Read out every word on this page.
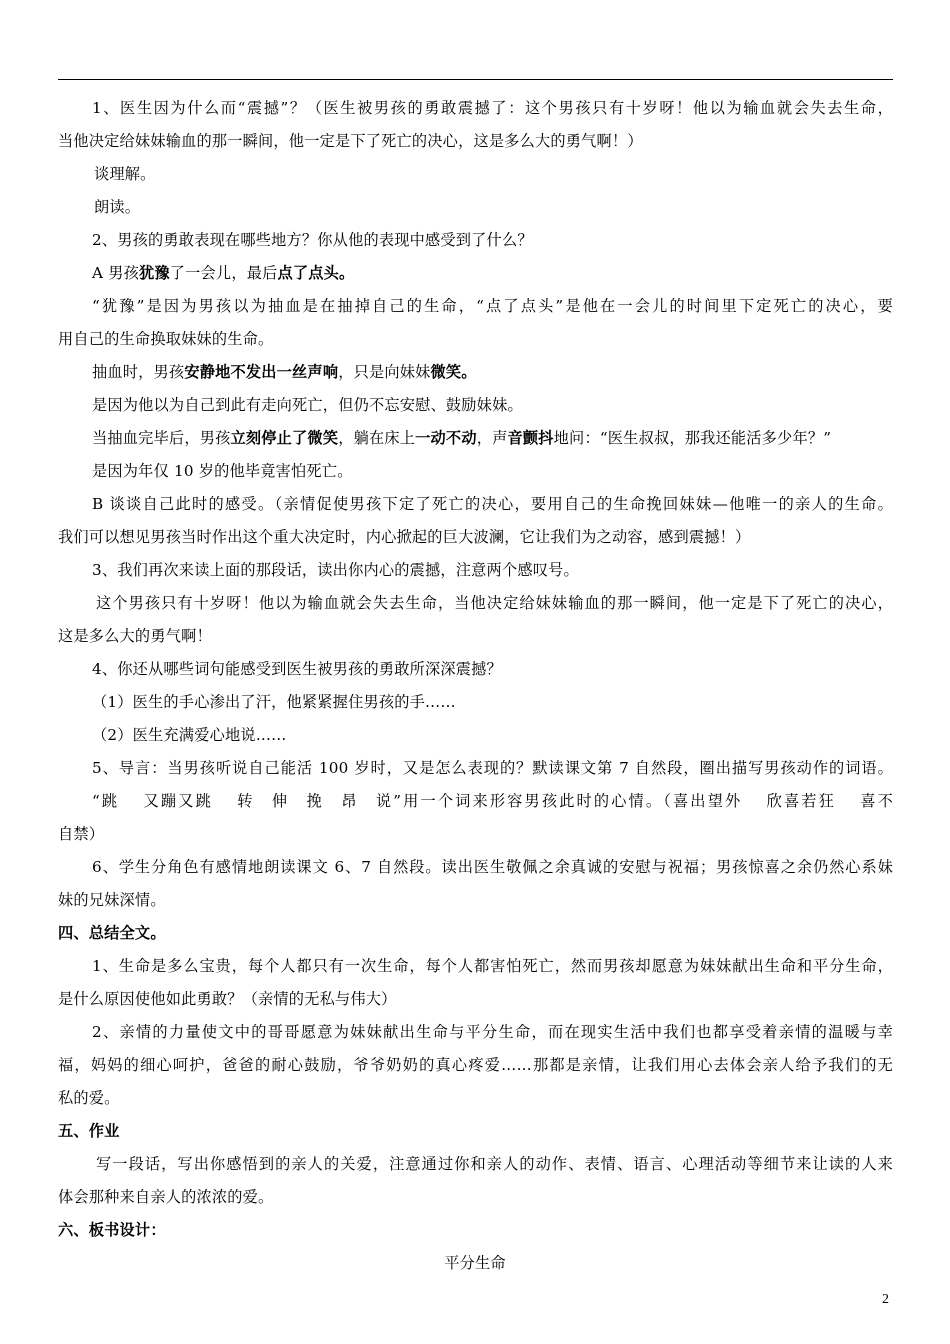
1、医生因为什么而“震撼”？（医生被男孩的勇敢震撼了：这个男孩只有十岁呀！他以为输血就会失去生命，
当他决定给妹妹输血的那一瞬间，他一定是下了死亡的决心，这是多么大的勇气啊！）
谈理解。
朗读。
2、男孩的勇敢表现在哪些地方？你从他的表现中感受到了什么？
A 男孩犹豫了一会儿，最后点了点头。
“犹豫”是因为男孩以为抽血是在抽掉自己的生命，“点了点头”是他在一会儿的时间里下定死亡的决心，要
用自己的生命换取妹妹的生命。
抽血时，男孩安静地不发出一丝声响，只是向妹妹微笑。
是因为他以为自己到此有走向死亡，但仍不忘安慰、鼓励妹妹。
当抽血完毕后，男孩立刻停止了微笑，躺在床上一动不动，声音颤抖地问：“医生叔叔，那我还能活多少年？”
是因为年仅 10 岁的他毕竟害怕死亡。
B 谈谈自己此时的感受。（亲情促使男孩下定了死亡的决心，要用自己的生命挽回妹妹—他唯一的亲人的生命。
我们可以想见男孩当时作出这个重大决定时，内心掀起的巨大波澜，它让我们为之动容，感到震撼！）
3、我们再次来读上面的那段话，读出你内心的震撼，注意两个感叹号。
这个男孩只有十岁呀！他以为输血就会失去生命，当他决定给妹妹输血的那一瞬间，他一定是下了死亡的决心，
这是多么大的勇气啊！
4、你还从哪些词句能感受到医生被男孩的勇敢所深深震撼？
（1）医生的手心渗出了汗，他紧紧握住男孩的手……
（2）医生充满爱心地说……
5、导言：当男孩听说自己能活 100 岁时，又是怎么表现的？默读课文第 7 自然段，圈出描写男孩动作的词语。
“跳　 又蹦又跳　 转　伸　挽　昂　说”用一个词来形容男孩此时的心情。（喜出望外　 欣喜若狂　 喜不
自禁）
6、学生分角色有感情地朗读课文 6、7 自然段。读出医生敬佩之余真诚的安慰与祝福；男孩惊喜之余仍然心系妹
妹的兄妹深情。
四、总结全文。
1、生命是多么宝贵，每个人都只有一次生命，每个人都害怕死亡，然而男孩却愿意为妹妹献出生命和平分生命，
是什么原因使他如此勇敢？（亲情的无私与伟大）
2、亲情的力量使文中的哥哥愿意为妹妹献出生命与平分生命，而在现实生活中我们也都享受着亲情的温暖与幸
福，妈妈的细心呵护，爸爸的耐心鼓励，爷爷奶奶的真心疼爱……那都是亲情，让我们用心去体会亲人给予我们的无
私的爱。
五、作业
写一段话，写出你感悟到的亲人的关爱，注意通过你和亲人的动作、表情、语言、心理活动等细节来让读的人来
体会那种来自亲人的浓浓的爱。
六、板书设计：
平分生命
2
